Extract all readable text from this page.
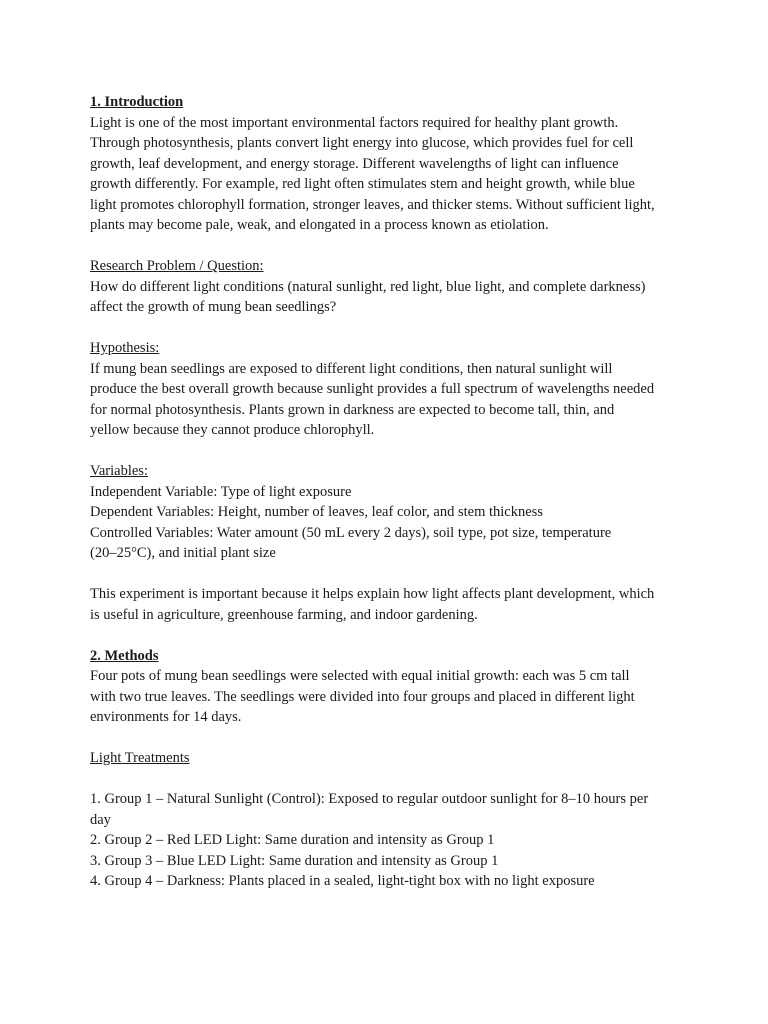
1. Introduction
Light is one of the most important environmental factors required for healthy plant growth.
Through photosynthesis, plants convert light energy into glucose, which provides fuel for cell
growth, leaf development, and energy storage. Different wavelengths of light can influence
growth differently. For example, red light often stimulates stem and height growth, while blue
light promotes chlorophyll formation, stronger leaves, and thicker stems. Without sufficient light,
plants may become pale, weak, and elongated in a process known as etiolation.
Research Problem / Question:
How do different light conditions (natural sunlight, red light, blue light, and complete darkness)
affect the growth of mung bean seedlings?
Hypothesis:
If mung bean seedlings are exposed to different light conditions, then natural sunlight will
produce the best overall growth because sunlight provides a full spectrum of wavelengths needed
for normal photosynthesis. Plants grown in darkness are expected to become tall, thin, and
yellow because they cannot produce chlorophyll.
Variables:
Independent Variable: Type of light exposure
Dependent Variables: Height, number of leaves, leaf color, and stem thickness
Controlled Variables: Water amount (50 mL every 2 days), soil type, pot size, temperature
(20–25°C), and initial plant size
This experiment is important because it helps explain how light affects plant development, which
is useful in agriculture, greenhouse farming, and indoor gardening.
2. Methods
Four pots of mung bean seedlings were selected with equal initial growth: each was 5 cm tall
with two true leaves. The seedlings were divided into four groups and placed in different light
environments for 14 days.
Light Treatments
1. Group 1 – Natural Sunlight (Control): Exposed to regular outdoor sunlight for 8–10 hours per
day
2. Group 2 – Red LED Light: Same duration and intensity as Group 1
3. Group 3 – Blue LED Light: Same duration and intensity as Group 1
4. Group 4 – Darkness: Plants placed in a sealed, light-tight box with no light exposure
